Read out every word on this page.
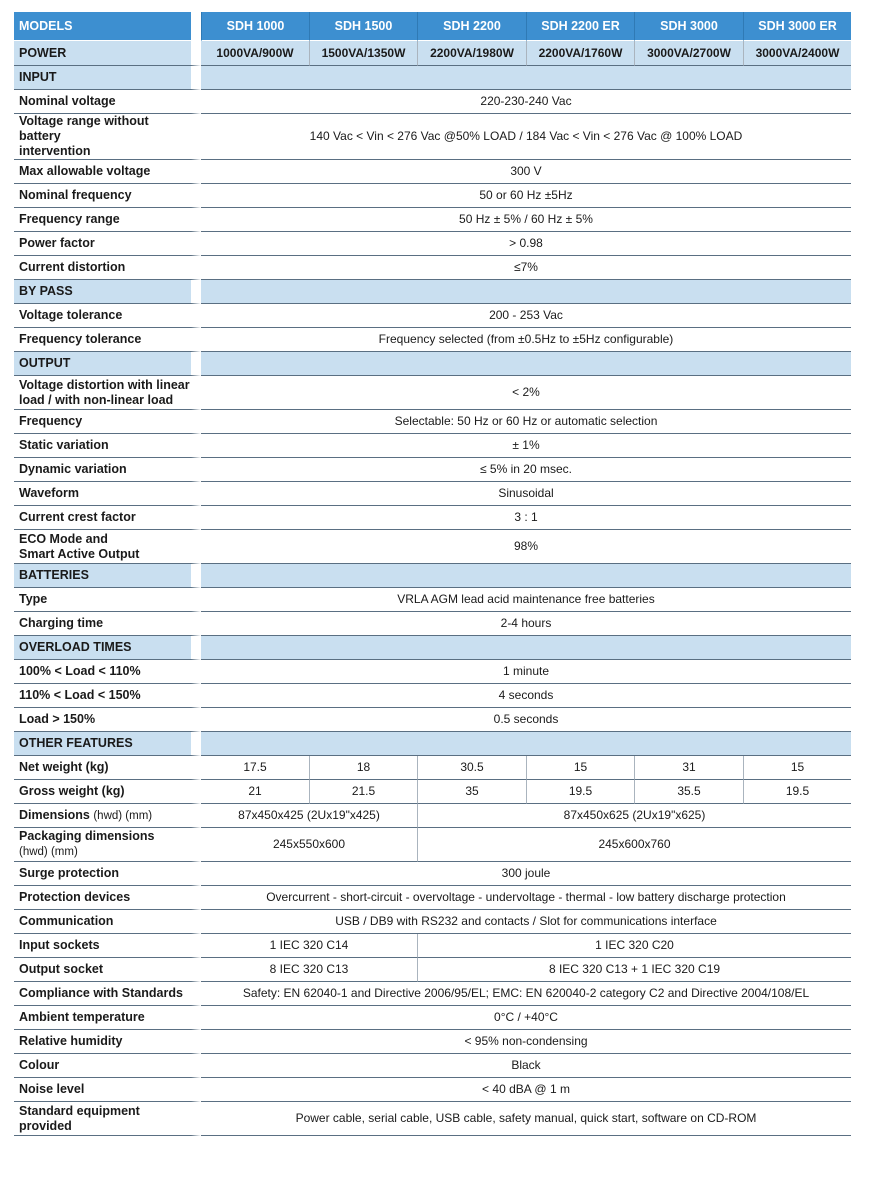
MODELS	SDH 1000	SDH 1500	SDH 2200	SDH 2200 ER	SDH 3000	SDH 3000 ER
POWER	1000VA/900W	1500VA/1350W	2200VA/1980W	2200VA/1760W	3000VA/2700W	3000VA/2400W
INPUT						
Nominal voltage	220-230-240 Vac					
Voltage range without battery
intervention	140 Vac < Vin < 276 Vac @50% LOAD / 184 Vac < Vin < 276 Vac @ 100% LOAD					
Max allowable voltage	300 V					
Nominal frequency	50 or 60 Hz ±5Hz					
Frequency range	50 Hz ± 5% / 60 Hz ± 5%					
Power factor	> 0.98					
Current distortion	≤7%					
BY PASS						
Voltage tolerance	200 - 253 Vac					
Frequency tolerance	Frequency selected (from ±0.5Hz to ±5Hz configurable)					
OUTPUT						
Voltage distortion with linear
load / with non-linear load	< 2%					
Frequency	Selectable: 50 Hz or 60 Hz or automatic selection					
Static variation	± 1%					
Dynamic variation	≤ 5% in 20 msec.					
Waveform	Sinusoidal					
Current crest factor	3 : 1					
ECO Mode and
Smart Active Output	98%					
BATTERIES						
Type	VRLA AGM lead acid maintenance free batteries					
Charging time	2-4 hours					
OVERLOAD TIMES						
100% < Load < 110%	1 minute					
110% < Load < 150%	4 seconds					
Load > 150%	0.5 seconds					
OTHER FEATURES						
Net weight (kg)	17.5	18	30.5	15	31	15
Gross weight (kg)	21	21.5	35	19.5	35.5	19.5
Dimensions (hwd) (mm)	87x450x425 (2Ux19"x425)		87x450x625 (2Ux19"x625)			
Packaging dimensions
(hwd) (mm)	245x550x600		245x600x760			
Surge protection	300 joule					
Protection devices	Overcurrent - short-circuit - overvoltage - undervoltage - thermal - low battery discharge protection					
Communication	USB / DB9 with RS232 and contacts / Slot for communications interface					
Input sockets	1 IEC 320 C14		1 IEC 320 C20			
Output socket	8 IEC 320 C13		8 IEC 320 C13 + 1 IEC 320 C19			
Compliance with Standards	Safety: EN 62040-1 and Directive 2006/95/EL; EMC: EN 620040-2 category C2 and Directive 2004/108/EL					
Ambient temperature	0°C / +40°C					
Relative humidity	< 95% non-condensing					
Colour	Black					
Noise level	< 40 dBA @ 1 m					
Standard equipment
provided	Power cable, serial cable, USB cable, safety manual, quick start, software on CD-ROM					
